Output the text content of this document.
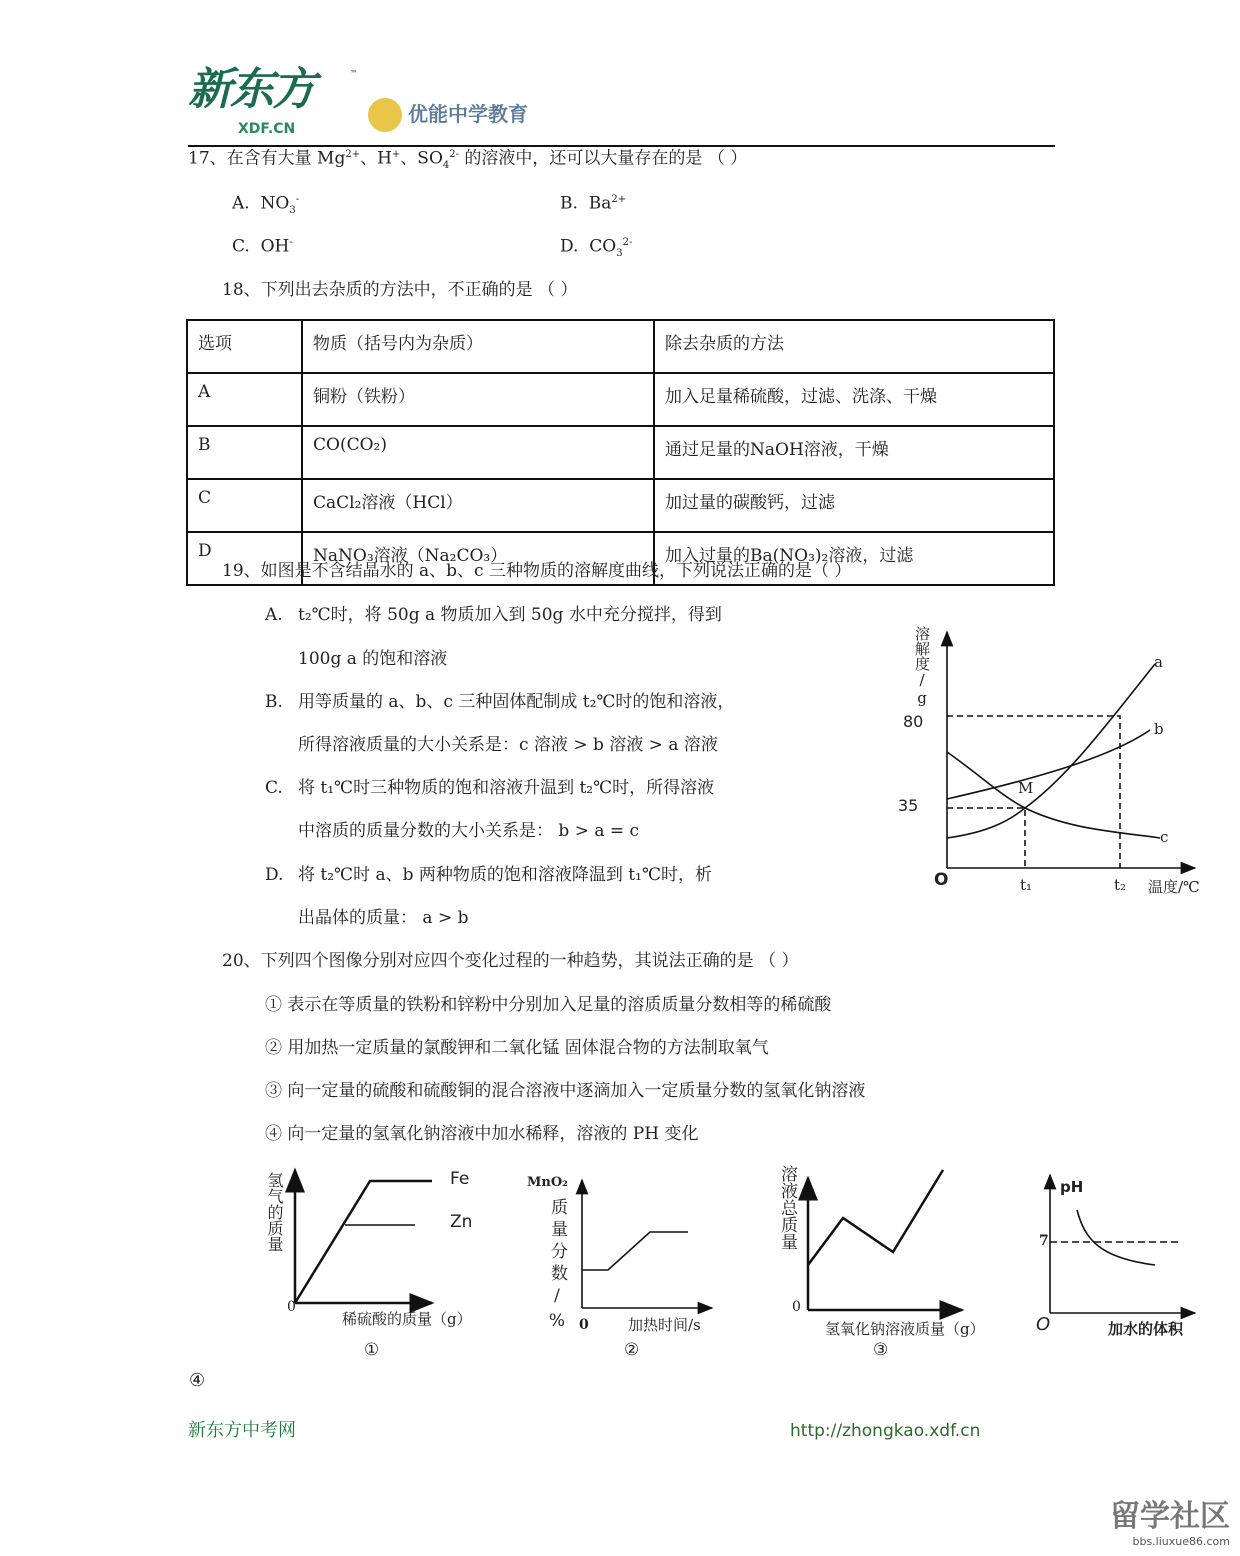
新东方
XDF.CN
™
优能中学教育
17、在含有大量 $Mg^{2+}$、H+、$SO_4^{2-}$ 的溶液中，还可以大量存在的是 （ ）
A. $NO_3^-$	B. $Ba^{2+}$
C. OH-	D. $CO_3^{2-}$
18、下列出去杂质的方法中，不正确的是 （ ）
选项	物质（括号内为杂质）	除去杂质的方法
A	铜粉（铁粉）	加入足量稀硫酸，过滤、洗涤、干燥
B	CO(CO₂)	通过足量的NaOH溶液，干燥
C	CaCl₂溶液（HCl）	加过量的碳酸钙，过滤
D	NaNO₃溶液（Na₂CO₃）	加入过量的Ba(NO₃)₂溶液，过滤
19、如图是不含结晶水的 a、b、c 三种物质的溶解度曲线，下列说法正确的是（ ）
A. t₂℃时，将 50g a 物质加入到 50g 水中充分搅拌，得到
100g a 的饱和溶液
B. 用等质量的 a、b、c 三种固体配制成 t₂℃时的饱和溶液，
所得溶液质量的大小关系是：c 溶液 > b 溶液 > a 溶液
C. 将 t₁℃时三种物质的饱和溶液升温到 t₂℃时，所得溶液
中溶质的质量分数的大小关系是： b > a = c
D. 将 t₂℃时 a、b 两种物质的饱和溶液降温到 t₁℃时，析
出晶体的质量： a > b
溶解度/g
80
35
O	t₁	t₂ 温度/℃
a
b
c
M
20、下列四个图像分别对应四个变化过程的一种趋势，其说法正确的是 （ ）
① 表示在等质量的铁粉和锌粉中分别加入足量的溶质质量分数相等的稀硫酸
② 用加热一定质量的氯酸钾和二氧化锰 固体混合物的方法制取氧气
③ 向一定量的硫酸和硫酸铜的混合溶液中逐滴加入一定质量分数的氢氧化钠溶液
④ 向一定量的氢氧化钠溶液中加水稀释，溶液的 PH 变化
氢气的质量
0
Fe
Zn
稀硫酸的质量（g）
①
MnO₂
质量分数/% 0	加热时间/s
②
溶液总质量
0
氢氧化钠溶液质量（g）
③
pH
7
O	加水的体积
④
新东方中考网	http://zhongkao.xdf.cn
留学社区
bbs.liuxue86.com
